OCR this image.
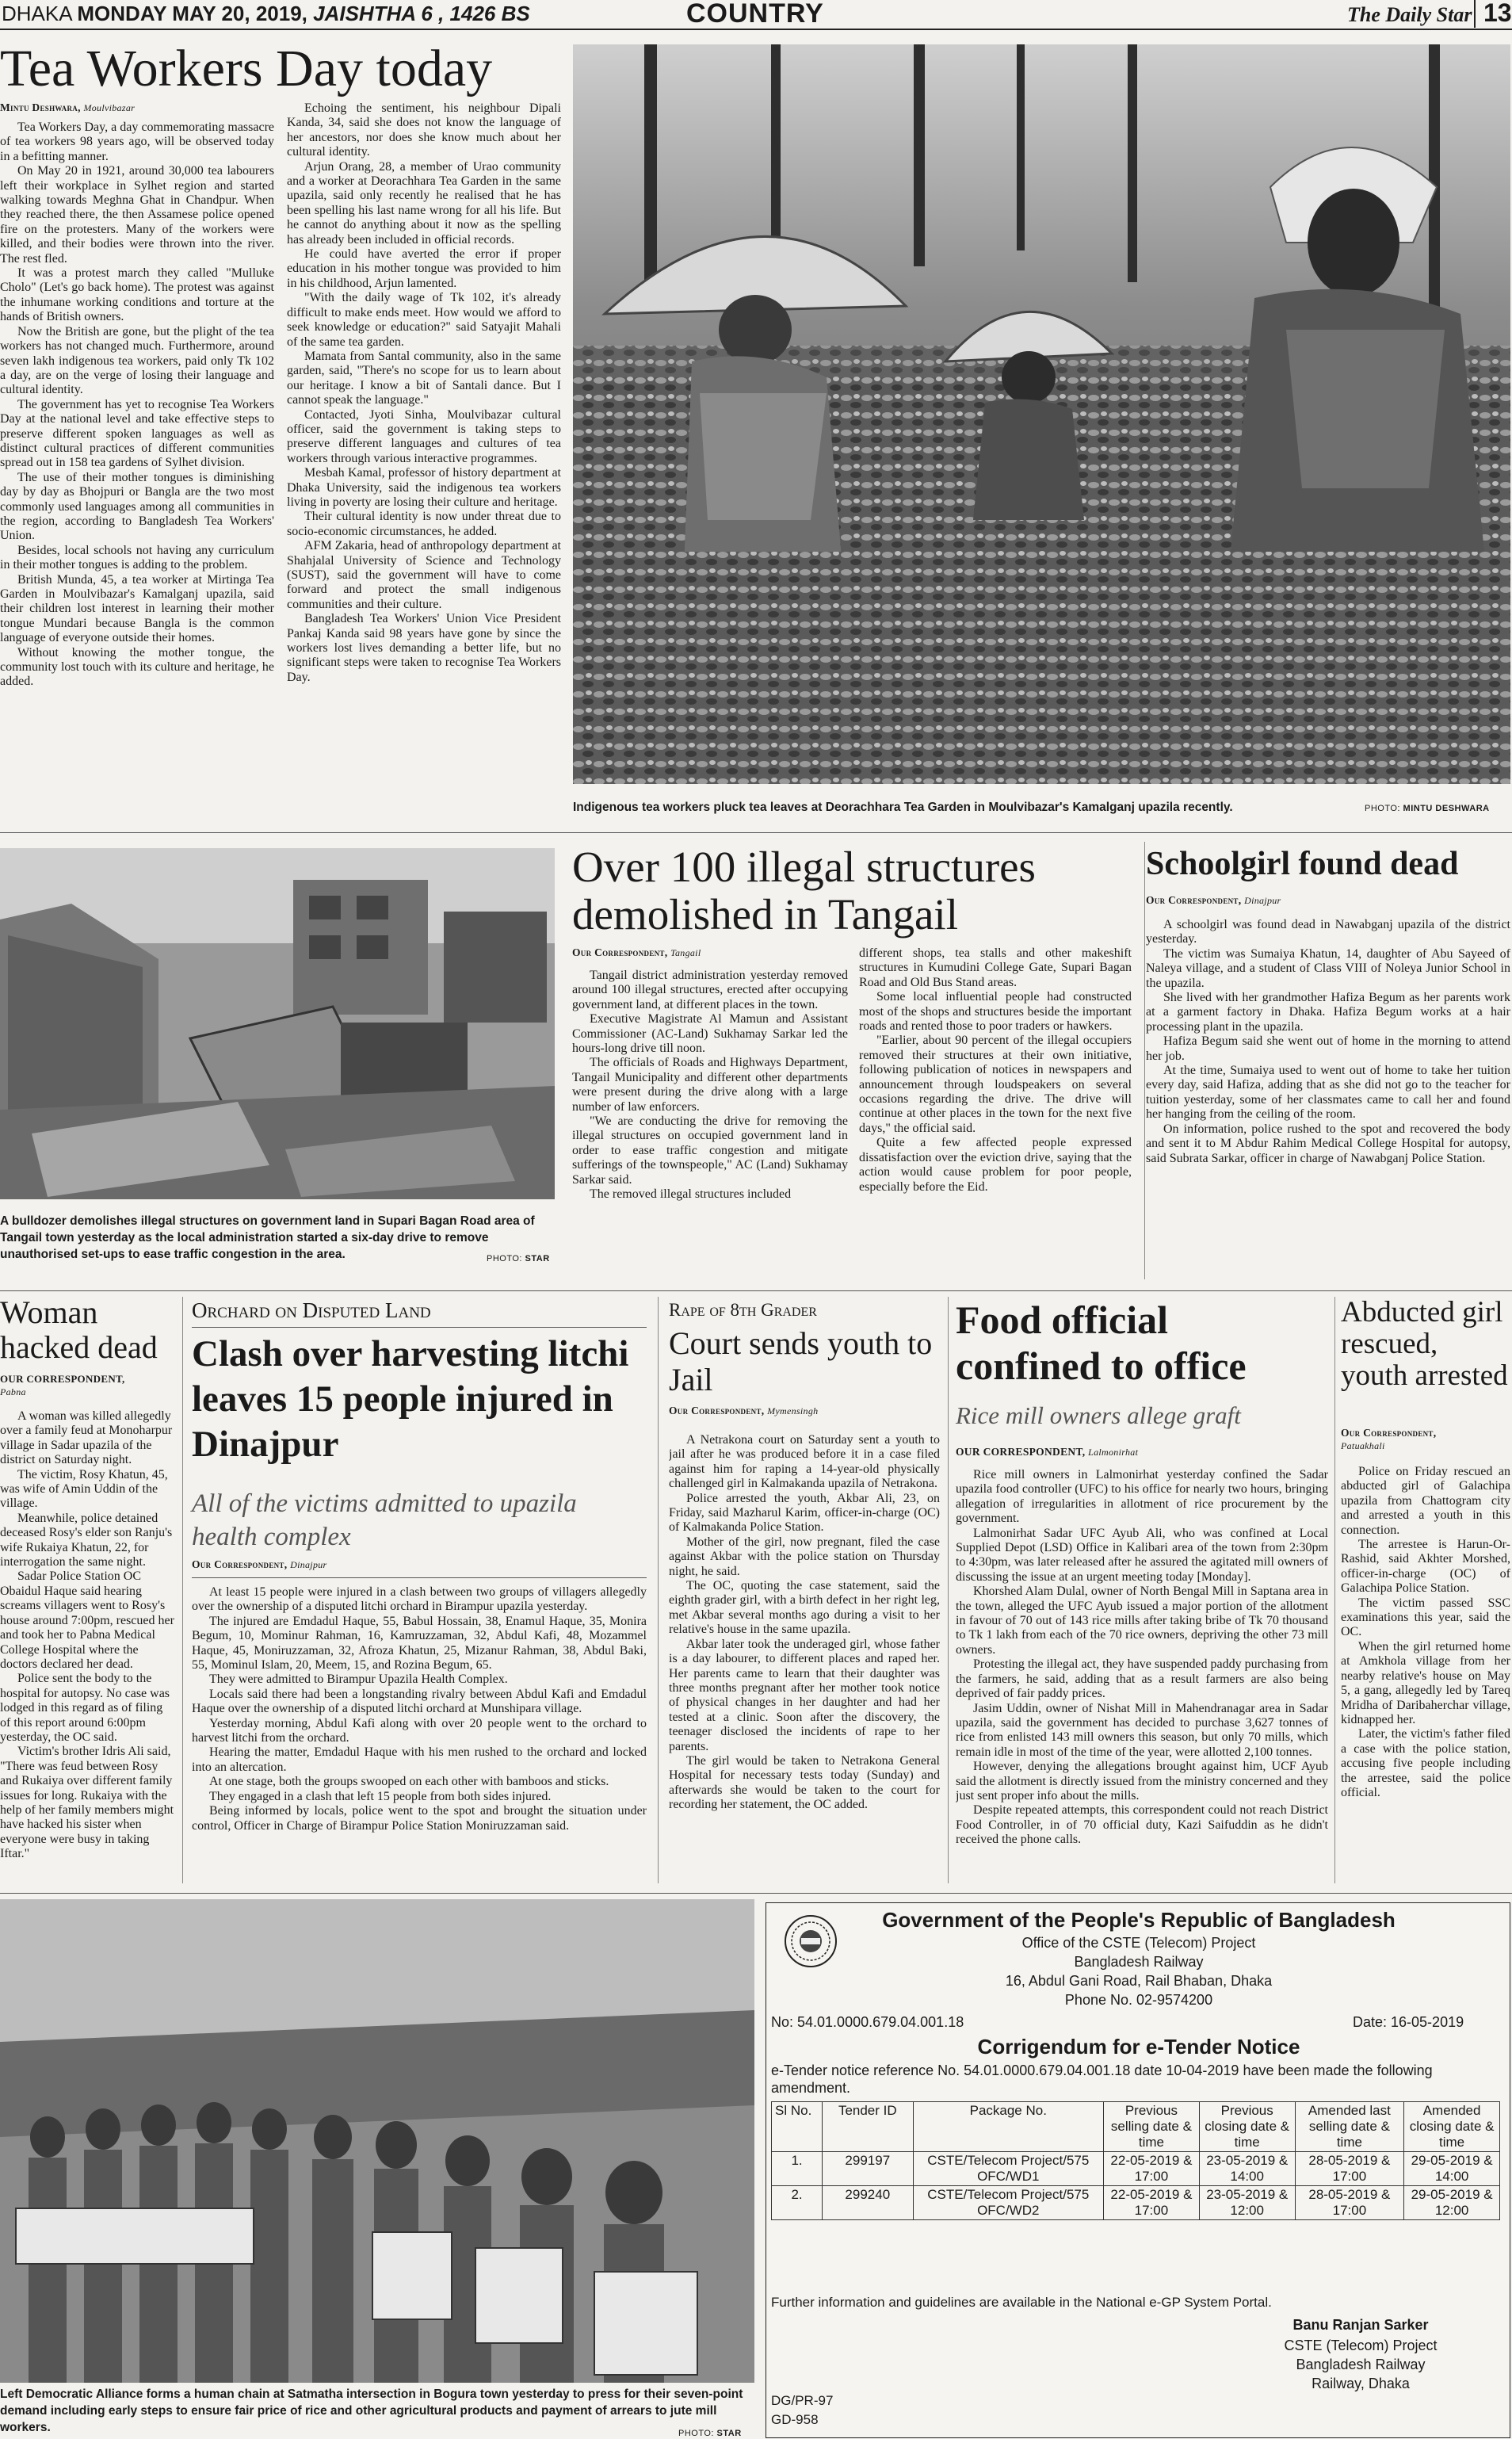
DHAKA MONDAY MAY 20, 2019, JAISHTHA 6 , 1426 BS	COUNTRY	The Daily Star 13
Tea Workers Day today
Mintu Deshwara, Moulvibazar

Tea Workers Day, a day commemorating massacre of tea workers 98 years ago, will be observed today in a befitting manner.

On May 20 in 1921, around 30,000 tea labourers left their workplace in Sylhet region and started walking towards Meghna Ghat in Chandpur. When they reached there, the then Assamese police opened fire on the protesters. Many of the workers were killed, and their bodies were thrown into the river. The rest fled.

It was a protest march they called "Mulluke Cholo" (Let's go back home). The protest was against the inhumane working conditions and torture at the hands of British owners.

Now the British are gone, but the plight of the tea workers has not changed much. Furthermore, around seven lakh indigenous tea workers, paid only Tk 102 a day, are on the verge of losing their language and cultural identity.

The government has yet to recognise Tea Workers Day at the national level and take effective steps to preserve different spoken languages as well as distinct cultural practices of different communities spread out in 158 tea gardens of Sylhet division.

The use of their mother tongues is diminishing day by day as Bhojpuri or Bangla are the two most commonly used languages among all communities in the region, according to Bangladesh Tea Workers' Union.

Besides, local schools not having any curriculum in their mother tongues is adding to the problem.

British Munda, 45, a tea worker at Mirtinga Tea Garden in Moulvibazar's Kamalganj upazila, said their children lost interest in learning their mother tongue Mundari because Bangla is the common language of everyone outside their homes.

Without knowing the mother tongue, the community lost touch with its culture and heritage, he added.

Echoing the sentiment, his neighbour Dipali Kanda, 34, said she does not know the language of her ancestors, nor does she know much about her cultural identity.

Arjun Orang, 28, a member of Urao community and a worker at Deorachhara Tea Garden in the same upazila, said only recently he realised that he has been spelling his last name wrong for all his life. But he cannot do anything about it now as the spelling has already been included in official records.

He could have averted the error if proper education in his mother tongue was provided to him in his childhood, Arjun lamented.

"With the daily wage of Tk 102, it's already difficult to make ends meet. How would we afford to seek knowledge or education?" said Satyajit Mahali of the same tea garden.

Mamata from Santal community, also in the same garden, said, "There's no scope for us to learn about our heritage. I know a bit of Santali dance. But I cannot speak the language."

Contacted, Jyoti Sinha, Moulvibazar cultural officer, said the government is taking steps to preserve different languages and cultures of tea workers through various interactive programmes.

Mesbah Kamal, professor of history department at Dhaka University, said the indigenous tea workers living in poverty are losing their culture and heritage.

Their cultural identity is now under threat due to socio-economic circumstances, he added.

AFM Zakaria, head of anthropology department at Shahjalal University of Science and Technology (SUST), said the government will have to come forward and protect the small indigenous communities and their culture.

Bangladesh Tea Workers' Union Vice President Pankaj Kanda said 98 years have gone by since the workers lost lives demanding a better life, but no significant steps were taken to recognise Tea Workers Day.

Indigenous tea workers pluck tea leaves at Deorachhara Tea Garden in Moulvibazar's Kamalganj upazila recently.	PHOTO: MINTU DESHWARA
A bulldozer demolishes illegal structures on government land in Supari Bagan Road area of Tangail town yesterday as the local administration started a six-day drive to remove unauthorised set-ups to ease traffic congestion in the area.	PHOTO: STAR
Over 100 illegal structures demolished in Tangail
Our Correspondent, Tangail

Tangail district administration yesterday removed around 100 illegal structures, erected after occupying government land, at different places in the town.

Executive Magistrate Al Mamun and Assistant Commissioner (AC-Land) Sukhamay Sarkar led the hours-long drive till noon.

The officials of Roads and Highways Department, Tangail Municipality and different other departments were present during the drive along with a large number of law enforcers.

"We are conducting the drive for removing the illegal structures on occupied government land in order to ease traffic congestion and mitigate sufferings of the townspeople," AC (Land) Sukhamay Sarkar said.

The removed illegal structures included

different shops, tea stalls and other makeshift structures in Kumudini College Gate, Supari Bagan Road and Old Bus Stand areas.

Some local influential people had constructed most of the shops and structures beside the important roads and rented those to poor traders or hawkers.

"Earlier, about 90 percent of the illegal occupiers removed their structures at their own initiative, following publication of notices in newspapers and announcement through loudspeakers on several occasions regarding the drive. The drive will continue at other places in the town for the next five days," the official said.

Quite a few affected people expressed dissatisfaction over the eviction drive, saying that the action would cause problem for poor people, especially before the Eid.

Schoolgirl found dead
Our Correspondent, Dinajpur

A schoolgirl was found dead in Nawabganj upazila of the district yesterday.

The victim was Sumaiya Khatun, 14, daughter of Abu Sayeed of Naleya village, and a student of Class VIII of Noleya Junior School in the upazila.

She lived with her grandmother Hafiza Begum as her parents work at a garment factory in Dhaka. Hafiza Begum works at a hair processing plant in the upazila.

Hafiza Begum said she went out of home in the morning to attend her job.

At the time, Sumaiya used to went out of home to take her tuition every day, said Hafiza, adding that as she did not go to the teacher for tuition yesterday, some of her classmates came to call her and found her hanging from the ceiling of the room.

On information, police rushed to the spot and recovered the body and sent it to M Abdur Rahim Medical College Hospital for autopsy, said Subrata Sarkar, officer in charge of Nawabganj Police Station.

Woman hacked dead
OUR CORRESPONDENT,
Pabna

A woman was killed allegedly over a family feud at Monoharpur village in Sadar upazila of the district on Saturday night.

The victim, Rosy Khatun, 45, was wife of Amin Uddin of the village.

Meanwhile, police detained deceased Rosy's elder son Ranju's wife Rukaiya Khatun, 22, for interrogation the same night.

Sadar Police Station OC Obaidul Haque said hearing screams villagers went to Rosy's house around 7:00pm, rescued her and took her to Pabna Medical College Hospital where the doctors declared her dead.

Police sent the body to the hospital for autopsy. No case was lodged in this regard as of filing of this report around 6:00pm yesterday, the OC said.

Victim's brother Idris Ali said, "There was feud between Rosy and Rukaiya over different family issues for long. Rukaiya with the help of her family members might have hacked his sister when everyone were busy in taking Iftar."

Orchard on Disputed Land
Clash over harvesting litchi leaves 15 people injured in Dinajpur
All of the victims admitted to upazila health complex
Our Correspondent, Dinajpur

At least 15 people were injured in a clash between two groups of villagers allegedly over the ownership of a disputed litchi orchard in Birampur upazila yesterday.

The injured are Emdadul Haque, 55, Babul Hossain, 38, Enamul Haque, 35, Monira Begum, 10, Mominur Rahman, 16, Kamruzzaman, 32, Abdul Kafi, 48, Mozammel Haque, 45, Moniruzzaman, 32, Afroza Khatun, 25, Mizanur Rahman, 38, Abdul Baki, 55, Mominul Islam, 20, Meem, 15, and Rozina Begum, 65.

They were admitted to Birampur Upazila Health Complex.

Locals said there had been a longstanding rivalry between Abdul Kafi and Emdadul Haque over the ownership of a disputed litchi orchard at Munshipara village.

Yesterday morning, Abdul Kafi along with over 20 people went to the orchard to harvest litchi from the orchard.

Hearing the matter, Emdadul Haque with his men rushed to the orchard and locked into an altercation.

At one stage, both the groups swooped on each other with bamboos and sticks.

They engaged in a clash that left 15 people from both sides injured.

Being informed by locals, police went to the spot and brought the situation under control, Officer in Charge of Birampur Police Station Moniruzzaman said.

Rape of 8th Grader
Court sends youth to Jail
Our Correspondent, Mymensingh

A Netrakona court on Saturday sent a youth to jail after he was produced before it in a case filed against him for raping a 14-year-old physically challenged girl in Kalmakanda upazila of Netrakona.

Police arrested the youth, Akbar Ali, 23, on Friday, said Mazharul Karim, officer-in-charge (OC) of Kalmakanda Police Station.

Mother of the girl, now pregnant, filed the case against Akbar with the police station on Thursday night, he said.

The OC, quoting the case statement, said the eighth grader girl, with a birth defect in her right leg, met Akbar several months ago during a visit to her relative's house in the same upazila.

Akbar later took the underaged girl, whose father is a day labourer, to different places and raped her. Her parents came to learn that their daughter was three months pregnant after her mother took notice of physical changes in her daughter and had her tested at a clinic. Soon after the discovery, the teenager disclosed the incidents of rape to her parents.

The girl would be taken to Netrakona General Hospital for necessary tests today (Sunday) and afterwards she would be taken to the court for recording her statement, the OC added.

Food official confined to office
Rice mill owners allege graft
OUR CORRESPONDENT, Lalmonirhat

Rice mill owners in Lalmonirhat yesterday confined the Sadar upazila food controller (UFC) to his office for nearly two hours, bringing allegation of irregularities in allotment of rice procurement by the government.

Lalmonirhat Sadar UFC Ayub Ali, who was confined at Local Supplied Depot (LSD) Office in Kalibari area of the town from 2:30pm to 4:30pm, was later released after he assured the agitated mill owners of discussing the issue at an urgent meeting today [Monday].

Khorshed Alam Dulal, owner of North Bengal Mill in Saptana area in the town, alleged the UFC Ayub issued a major portion of the allotment in favour of 70 out of 143 rice mills after taking bribe of Tk 70 thousand to Tk 1 lakh from each of the 70 rice owners, depriving the other 73 mill owners.

Protesting the illegal act, they have suspended paddy purchasing from the farmers, he said, adding that as a result farmers are also being deprived of fair paddy prices.

Jasim Uddin, owner of Nishat Mill in Mahendranagar area in Sadar upazila, said the government has decided to purchase 3,627 tonnes of rice from enlisted 143 mill owners this season, but only 70 mills, which remain idle in most of the time of the year, were allotted 2,100 tonnes.

However, denying the allegations brought against him, UCF Ayub said the allotment is directly issued from the ministry concerned and they just sent proper info about the mills.

Despite repeated attempts, this correspondent could not reach District Food Controller, in of 70 official duty, Kazi Saifuddin as he didn't received the phone calls.

Abducted girl rescued, youth arrested
Our Correspondent,
Patuakhali

Police on Friday rescued an abducted girl of Galachipa upazila from Chattogram city and arrested a youth in this connection.

The arrestee is Harun-Or-Rashid, said Akhter Morshed, officer-in-charge (OC) of Galachipa Police Station.

The victim passed SSC examinations this year, said the OC.

When the girl returned home at Amkhola village from her nearby relative's house on May 5, a gang, allegedly led by Tareq Mridha of Daribaherchar village, kidnapped her.

Later, the victim's father filed a case with the police station, accusing five people including the arrestee, said the police official.

Left Democratic Alliance forms a human chain at Satmatha intersection in Bogura town yesterday to press for their seven-point demand including early steps to ensure fair price of rice and other agricultural products and payment of arrears to jute mill workers.	PHOTO: STAR
Government of the People's Republic of Bangladesh
Office of the CSTE (Telecom) Project
Bangladesh Railway
16, Abdul Gani Road, Rail Bhaban, Dhaka
Phone No. 02-9574200
No: 54.01.0000.679.04.001.18	Date: 16-05-2019
Corrigendum for e-Tender Notice
e-Tender notice reference No. 54.01.0000.679.04.001.18 date 10-04-2019 have been made the following amendment.
Sl No.	Tender ID	Package No.	Previous selling date & time	Previous closing date & time	Amended last selling date & time	Amended closing date & time
1.	299197	CSTE/Telecom Project/575 OFC/WD1	22-05-2019 & 17:00	23-05-2019 & 14:00	28-05-2019 & 17:00	29-05-2019 & 14:00
2.	299240	CSTE/Telecom Project/575 OFC/WD2	22-05-2019 & 17:00	23-05-2019 & 12:00	28-05-2019 & 17:00	29-05-2019 & 12:00
Further information and guidelines are available in the National e-GP System Portal.
Banu Ranjan Sarker
CSTE (Telecom) Project
Bangladesh Railway
Railway, Dhaka
DG/PR-97
GD-958
